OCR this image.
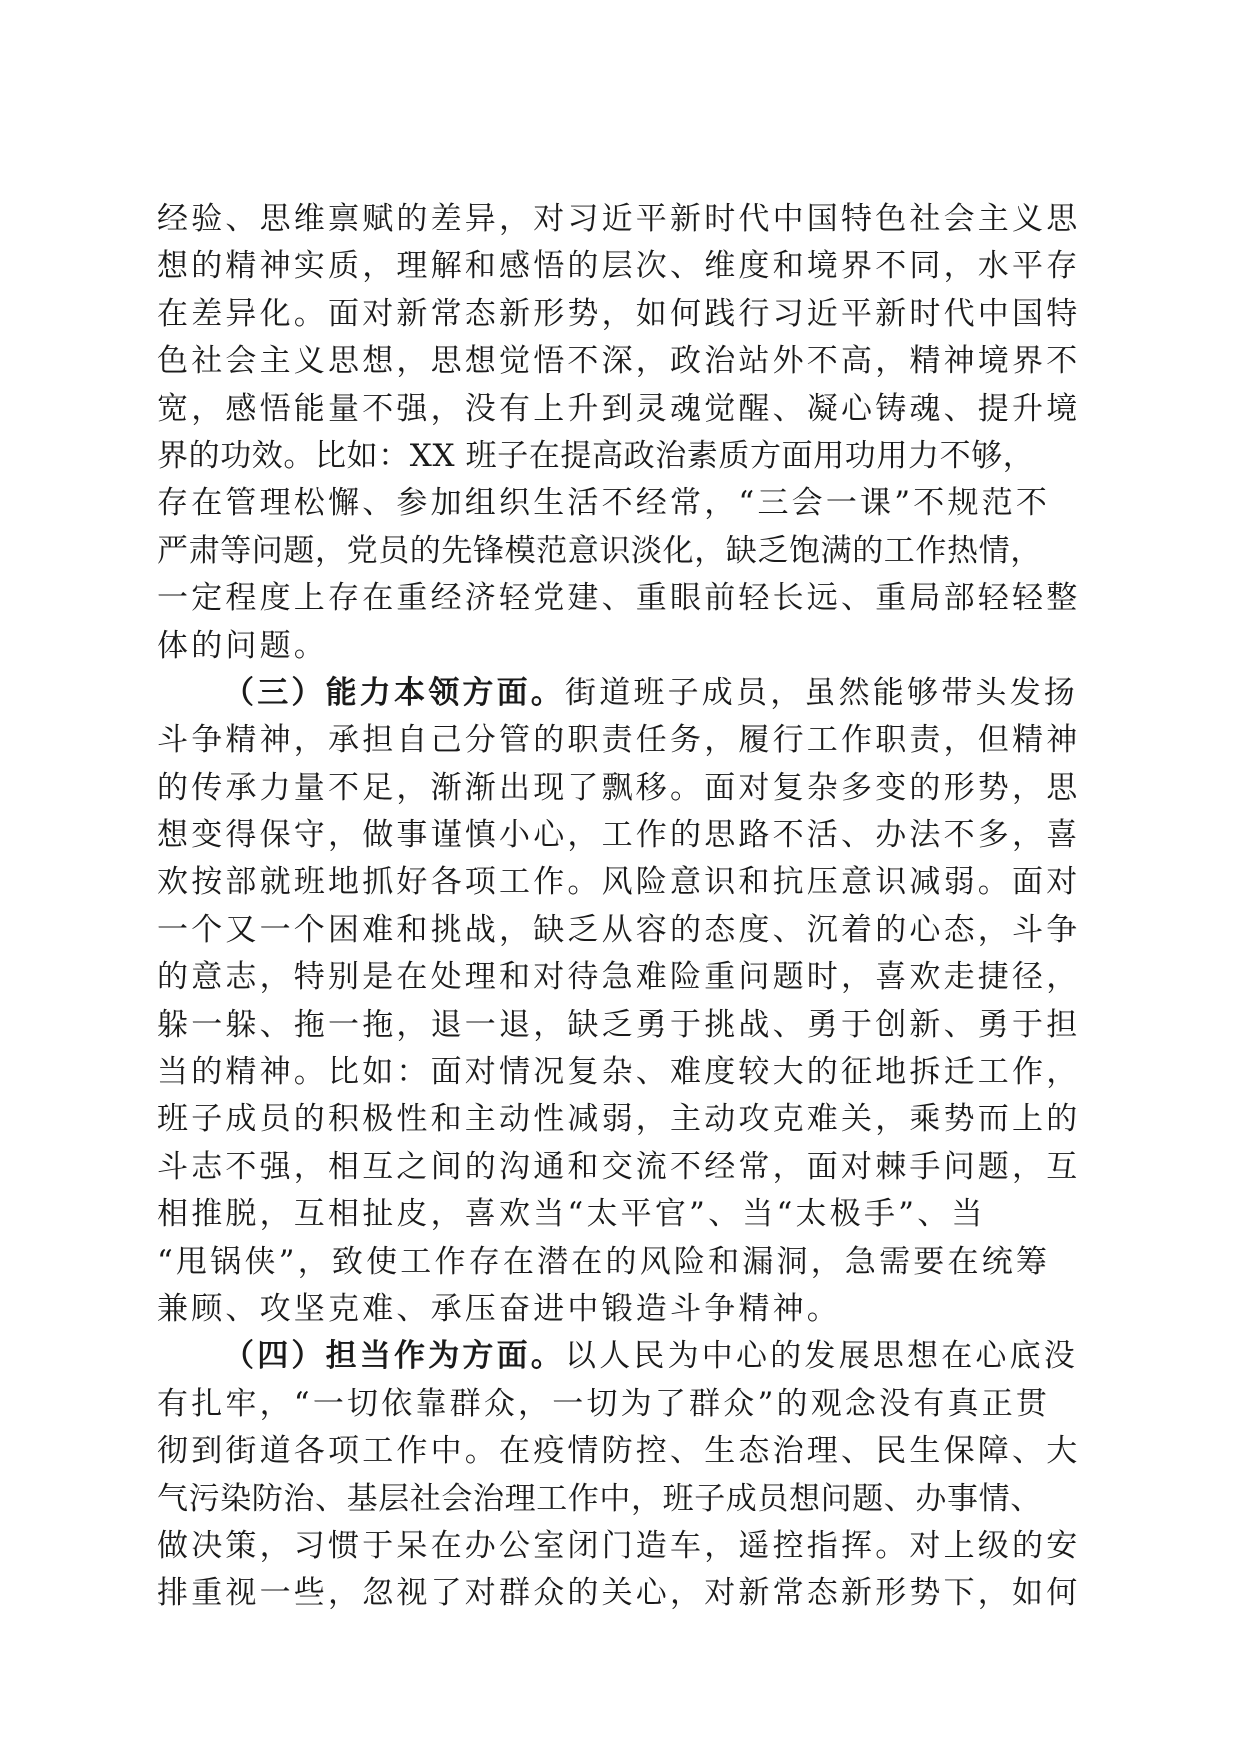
经验、思维禀赋的差异，对习近平新时代中国特色社会主义思
想的精神实质，理解和感悟的层次、维度和境界不同，水平存
在差异化。面对新常态新形势，如何践行习近平新时代中国特
色社会主义思想，思想觉悟不深，政治站外不高，精神境界不
宽，感悟能量不强，没有上升到灵魂觉醒、凝心铸魂、提升境
界的功效。比如：XX 班子在提高政治素质方面用功用力不够，
存在管理松懈、参加组织生活不经常，“三会一课”不规范不
严肃等问题，党员的先锋模范意识淡化，缺乏饱满的工作热情，
一定程度上存在重经济轻党建、重眼前轻长远、重局部轻轻整
体的问题。
（三）能力本领方面。街道班子成员，虽然能够带头发扬
斗争精神，承担自己分管的职责任务，履行工作职责，但精神
的传承力量不足，渐渐出现了飘移。面对复杂多变的形势，思
想变得保守，做事谨慎小心，工作的思路不活、办法不多，喜
欢按部就班地抓好各项工作。风险意识和抗压意识减弱。面对
一个又一个困难和挑战，缺乏从容的态度、沉着的心态，斗争
的意志，特别是在处理和对待急难险重问题时，喜欢走捷径，
躲一躲、拖一拖，退一退，缺乏勇于挑战、勇于创新、勇于担
当的精神。比如：面对情况复杂、难度较大的征地拆迁工作，
班子成员的积极性和主动性减弱，主动攻克难关，乘势而上的
斗志不强，相互之间的沟通和交流不经常，面对棘手问题，互
相推脱，互相扯皮，喜欢当“太平官”、当“太极手”、当
“甩锅侠”，致使工作存在潜在的风险和漏洞，急需要在统筹
兼顾、攻坚克难、承压奋进中锻造斗争精神。
（四）担当作为方面。以人民为中心的发展思想在心底没
有扎牢，“一切依靠群众，一切为了群众”的观念没有真正贯
彻到街道各项工作中。在疫情防控、生态治理、民生保障、大
气污染防治、基层社会治理工作中，班子成员想问题、办事情、
做决策，习惯于呆在办公室闭门造车，遥控指挥。对上级的安
排重视一些，忽视了对群众的关心，对新常态新形势下，如何
